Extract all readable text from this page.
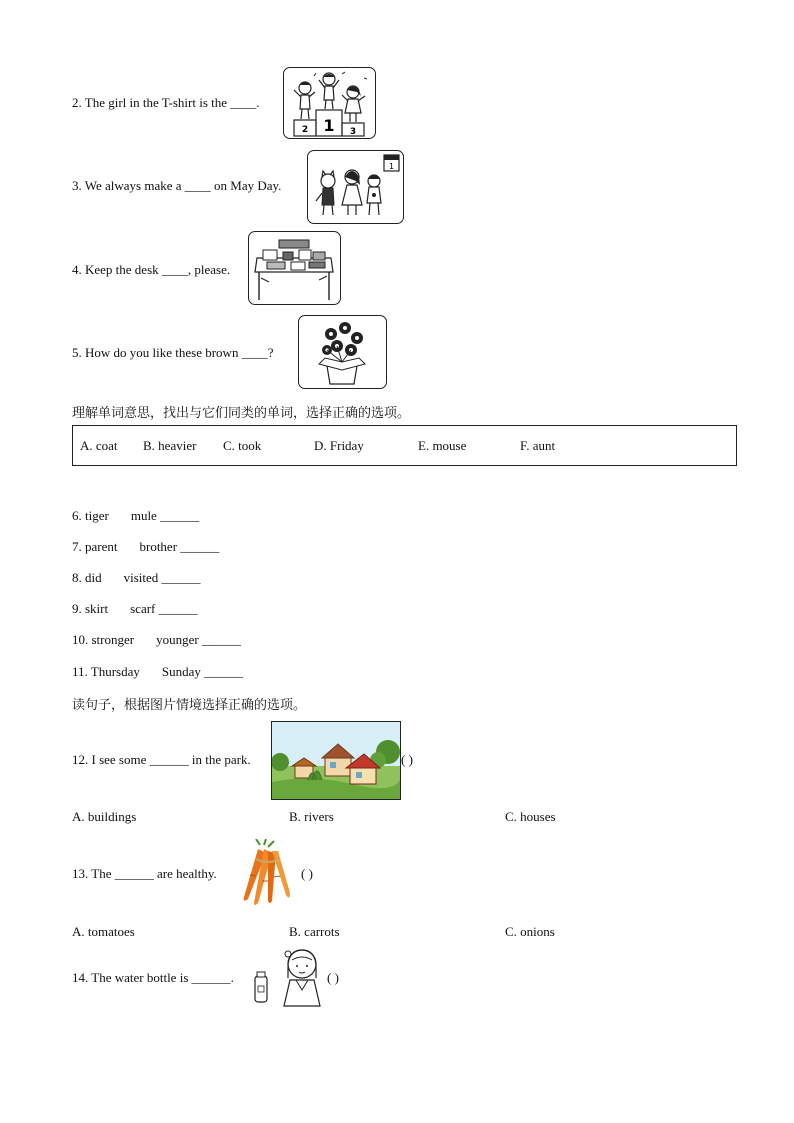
2. The girl in the T-shirt is the ____.
2 1 3
3. We always make a ____ on May Day.
1
4. Keep the desk ____, please.
5. How do you like these brown ____?
理解单词意思，找出与它们同类的单词，选择正确的选项。
A. coat B. heavier C. took	D. Friday	E. mouse	F. aunt
6. tiger mule ______
7. parent brother ______
8. did visited ______
9. skirt scarf ______
10. stronger younger ______
11. Thursday Sunday ______
读句子，根据图片情境选择正确的选项。
12. I see some ______ in the park.	( )
A. buildings	B. rivers	C. houses
13. The ______ are healthy.	( )
A. tomatoes	B. carrots	C. onions
14. The water bottle is ______.	( )
